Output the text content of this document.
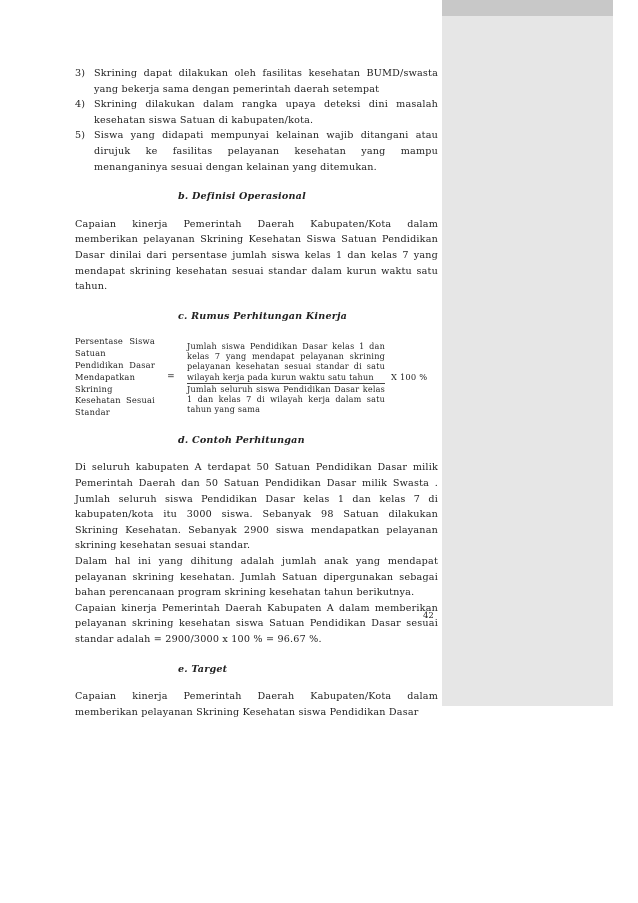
3) Skrining dapat dilakukan oleh fasilitas kesehatan BUMD/swasta yang bekerja sama dengan pemerintah daerah setempat
4) Skrining dilakukan dalam rangka upaya deteksi dini masalah kesehatan siswa Satuan di kabupaten/kota.
5) Siswa yang didapati mempunyai kelainan wajib ditangani atau dirujuk ke fasilitas pelayanan kesehatan yang mampu menanganinya sesuai dengan kelainan yang ditemukan.
b. Definisi Operasional

Capaian kinerja Pemerintah Daerah Kabupaten/Kota dalam memberikan pelayanan Skrining Kesehatan Siswa Satuan Pendidikan Dasar dinilai dari persentase jumlah siswa kelas 1 dan kelas 7 yang mendapat skrining kesehatan sesuai standar dalam kurun waktu satu tahun.

c. Rumus Perhitungan Kinerja
Persentase Siswa Satuan Pendidikan Dasar Mendapatkan Skrining Kesehatan Sesuai Standar
=
Jumlah siswa Pendidikan Dasar kelas 1 dan kelas 7 yang mendapat pelayanan skrining pelayanan kesehatan sesuai standar di satu wilayah kerja pada kurun waktu satu tahun
Jumlah seluruh siswa Pendidikan Dasar kelas 1 dan kelas 7 di wilayah kerja dalam satu tahun yang sama
X 100 %
d. Contoh Perhitungan

Di seluruh kabupaten A terdapat 50 Satuan Pendidikan Dasar milik Pemerintah Daerah dan 50 Satuan Pendidikan Dasar milik Swasta . Jumlah seluruh siswa Pendidikan Dasar kelas 1 dan kelas 7 di kabupaten/kota itu 3000 siswa. Sebanyak 98 Satuan dilakukan Skrining Kesehatan. Sebanyak 2900 siswa mendapatkan pelayanan skrining kesehatan sesuai standar.

Dalam hal ini yang dihitung adalah jumlah anak yang mendapat pelayanan skrining kesehatan. Jumlah Satuan dipergunakan sebagai bahan perencanaan program skrining kesehatan tahun berikutnya.

Capaian kinerja Pemerintah Daerah Kabupaten A dalam memberikan pelayanan skrining kesehatan siswa Satuan Pendidikan Dasar sesuai standar adalah = 2900/3000 x 100 % = 96.67 %.

e. Target

Capaian kinerja Pemerintah Daerah Kabupaten/Kota dalam memberikan pelayanan Skrining Kesehatan siswa Pendidikan Dasar

42
